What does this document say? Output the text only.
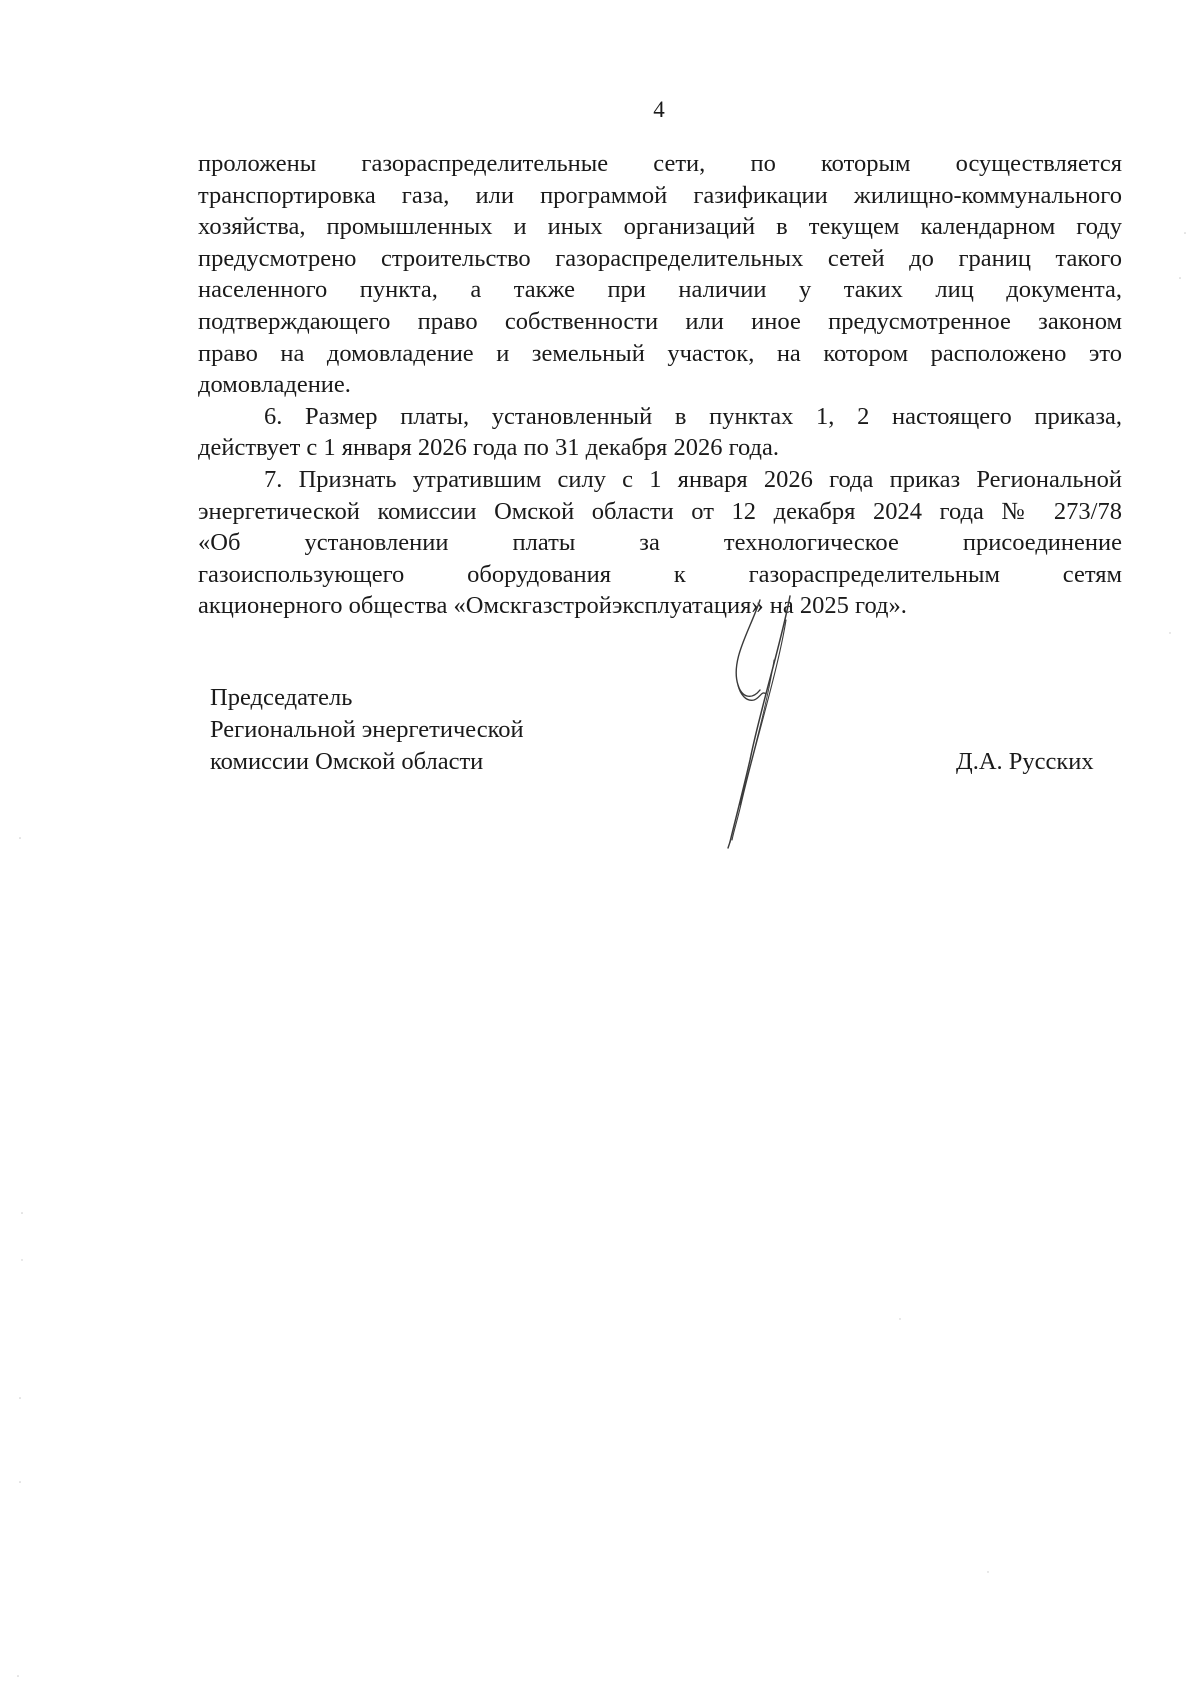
4

проложены газораспределительные сети, по которым осуществляется
транспортировка газа, или программой газификации жилищно-коммунального
хозяйства, промышленных и иных организаций в текущем календарном году
предусмотрено строительство газораспределительных сетей до границ такого
населенного пункта, а также при наличии у таких лиц документа,
подтверждающего право собственности или иное предусмотренное законом
право на домовладение и земельный участок, на котором расположено это
домовладение.

6. Размер платы, установленный в пунктах 1, 2 настоящего приказа,
действует с 1 января 2026 года по 31 декабря 2026 года.

7. Признать утратившим силу с 1 января 2026 года приказ Региональной
энергетической комиссии Омской области от 12 декабря 2024 года № 273/78
«Об установлении платы за технологическое присоединение
газоиспользующего оборудования к газораспределительным сетям
акционерного общества «Омскгазстройэксплуатация» на 2025 год».

Председатель
Региональной энергетической
комиссии Омской области	Д.А. Русских
